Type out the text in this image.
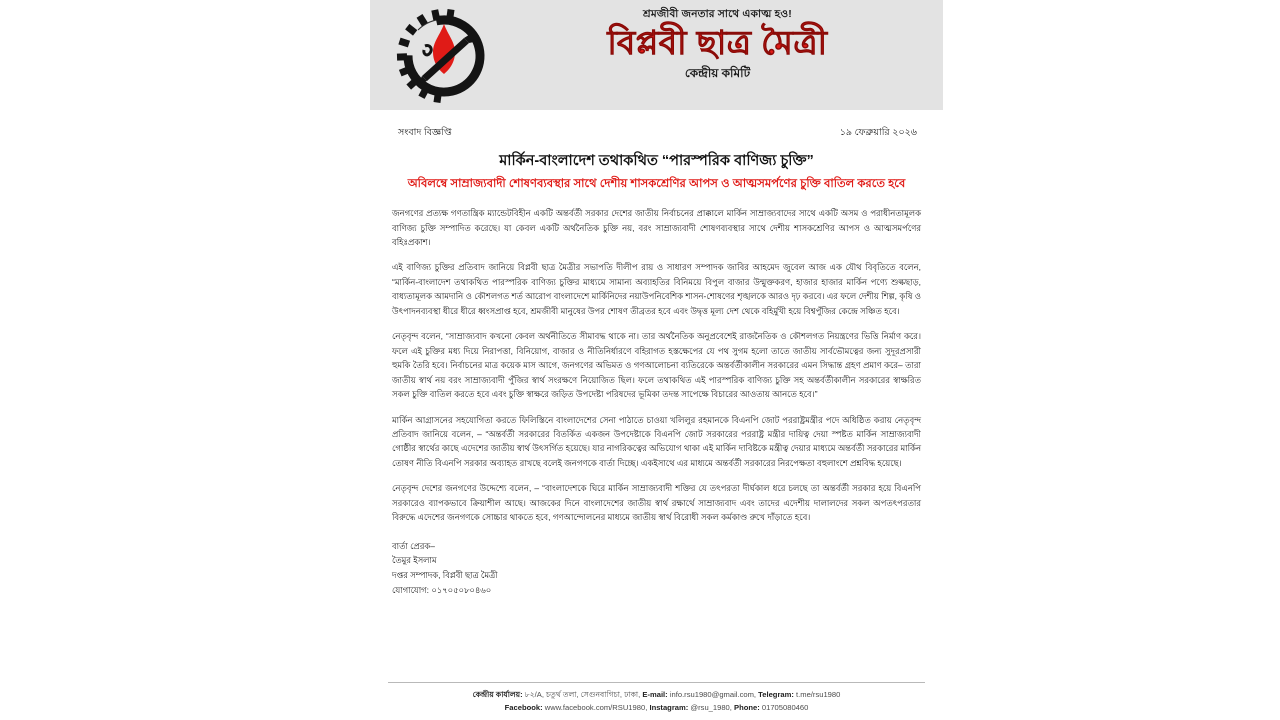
শ্রমজীবী জনতার সাথে একাত্ম হও!
বিপ্লবী ছাত্র মৈত্রী
কেন্দ্রীয় কমিটি
সংবাদ বিজ্ঞপ্তি	১৯ ফেব্রুয়ারি ২০২৬
মার্কিন-বাংলাদেশ তথাকথিত “পারস্পরিক বাণিজ্য চুক্তি”
অবিলম্বে সাম্রাজ্যবাদী শোষণব্যবস্থার সাথে দেশীয় শাসকশ্রেণির আপস ও আত্মসমর্পণের চুক্তি বাতিল করতে হবে

জনগণের প্রত্যক্ষ গণতান্ত্রিক ম্যান্ডেটবিহীন একটি অন্তর্বর্তী সরকার দেশের জাতীয় নির্বাচনের প্রাক্কালে মার্কিন সাম্রাজ্যবাদের সাথে একটি অসম ও পরাধীনতামূলক বাণিজ্য চুক্তি সম্পাদিত করেছে। যা কেবল একটি অর্থনৈতিক চুক্তি নয়, বরং সাম্রাজ্যবাদী শোষণব্যবস্থার সাথে দেশীয় শাসকশ্রেণির আপস ও আত্মসমর্পণের বহিঃপ্রকাশ।

এই বাণিজ্য চুক্তির প্রতিবাদ জানিয়ে বিপ্লবী ছাত্র মৈত্রীর সভাপতি দীলীপ রায় ও সাধারণ সম্পাদক জাবির আহমেদ জুবেল আজ এক যৌথ বিবৃতিতে বলেন, “মার্কিন-বাংলাদেশ তথাকথিত পারস্পরিক বাণিজ্য চুক্তির মাধ্যমে সামান্য অব্যাহতির বিনিময়ে বিপুল বাজার উন্মুক্তকরণ, হাজার হাজার মার্কিন পণ্যে শুল্কছাড়, বাধ্যতামূলক আমদানি ও কৌশলগত শর্ত আরোপ বাংলাদেশে মার্কিনিদের নয়াউপনিবেশিক শাসন-শোষণের শৃঙ্খলকে আরও দৃঢ় করবে। এর ফলে দেশীয় শিল্প, কৃষি ও উৎপাদনব্যবস্থা ধীরে ধীরে ধ্বংসপ্রাপ্ত হবে, শ্রমজীবী মানুষের উপর শোষণ তীব্রতর হবে এবং উদ্বৃত্ত মূল্য দেশ থেকে বহির্মুখী হয়ে বিশ্বপুঁজির কেন্দ্রে সঞ্চিত হবে।

নেতৃবৃন্দ বলেন, “সাম্রাজ্যবাদ কখনো কেবল অর্থনীতিতে সীমাবদ্ধ থাকে না। তার অর্থনৈতিক অনুপ্রবেশেই রাজনৈতিক ও কৌশলগত নিয়ন্ত্রণের ভিত্তি নির্মাণ করে। ফলে এই চুক্তির মধ্য দিয়ে নিরাপত্তা, বিনিয়োগ, বাজার ও নীতিনির্ধারণে বহিরাগত হস্তক্ষেপের যে পথ সুগম হলো তাতে জাতীয় সার্বভৌমত্বের জন্য সুদূরপ্রসারী হুমকি তৈরি হবে। নির্বাচনের মাত্র কয়েক মাস আগে, জনগণের অভিমত ও গণআলোচনা ব্যতিরেকে অন্তর্বর্তীকালীন সরকারের এমন সিদ্ধান্ত গ্রহণ প্রমাণ করে– তারা জাতীয় স্বার্থ নয় বরং সাম্রাজ্যবাদী পুঁজির স্বার্থ সংরক্ষণে নিয়োজিত ছিল। ফলে তথাকথিত এই পারস্পরিক বাণিজ্য চুক্তি সহ অন্তর্বর্তীকালীন সরকারের স্বাক্ষরিত সকল চুক্তি বাতিল করতে হবে এবং চুক্তি স্বাক্ষরে জড়িত উপদেষ্টা পরিষদের ভূমিকা তদন্ত সাপেক্ষে বিচারের আওতায় আনতে হবে।”

মার্কিন আগ্রাসনের সহযোগিতা করতে ফিলিস্তিনে বাংলাদেশের সেনা পাঠাতে চাওয়া খলিলুর রহমানকে বিএনপি জোট পররাষ্ট্রমন্ত্রীর পদে অধিষ্ঠিত করায় নেতৃবৃন্দ প্রতিবাদ জানিয়ে বলেন, – “অন্তর্বর্তী সরকারের বিতর্কিত একজন উপদেষ্টাকে বিএনপি জোট সরকারের পররাষ্ট্র মন্ত্রীর দায়িত্ব দেয়া স্পষ্টত মার্কিন সাম্রাজ্যবাদী গোষ্ঠীর স্বার্থের কাছে এদেশের জাতীয় স্বার্থ উৎসর্গিত হয়েছে। যার নাগরিকত্বের অভিযোগ থাকা এই মার্কিন দাবিষ্টকে মন্ত্রীত্ব দেয়ার মাধ্যমে অন্তর্বর্তী সরকারের মার্কিন তোষণ নীতি বিএনপি সরকার অব্যাহত রাখছে বলেই জনগণকে বার্তা দিচ্ছে। একইসাথে এর মাধ্যমে অন্তর্বর্তী সরকারের নিরপেক্ষতা বহুলাংশে প্রশ্নবিদ্ধ হয়েছে।

নেতৃবৃন্দ দেশের জনগণের উদ্দেশ্যে বলেন, – “বাংলাদেশকে ঘিরে মার্কিন সাম্রাজ্যবাদী শক্তির যে তৎপরতা দীর্ঘকাল ধরে চলছে তা অন্তর্বর্তী সরকার হয়ে বিএনপি সরকারেও ব্যাপকভাবে ক্রিয়াশীল আছে। আজকের দিনে বাংলাদেশের জাতীয় স্বার্থ রক্ষার্থে সাম্রাজ্যবাদ এবং তাদের এদেশীয় দালালদের সকল অপতৎপরতার বিরুদ্ধে এদেশের জনগণকে সোচ্চার থাকতে হবে, গণআন্দোলনের মাধ্যমে জাতীয় স্বার্থ বিরোধী সকল কর্মকাণ্ড রুখে দাঁড়াতে হবে।

বার্তা প্রেরক–
তৈমুর ইসলাম
দপ্তর সম্পাদক, বিপ্লবী ছাত্র মৈত্রী
যোগাযোগ: ০১৭০৫০৮০৪৬০
কেন্দ্রীয় কার্যালয়: ৮২/A, চতুর্থ তলা, সেগুনবাগিচা, ঢাকা, E-mail: info.rsu1980@gmail.com, Telegram: t.me/rsu1980
Facebook: www.facebook.com/RSU1980, Instagram: @rsu_1980, Phone: 01705080460
